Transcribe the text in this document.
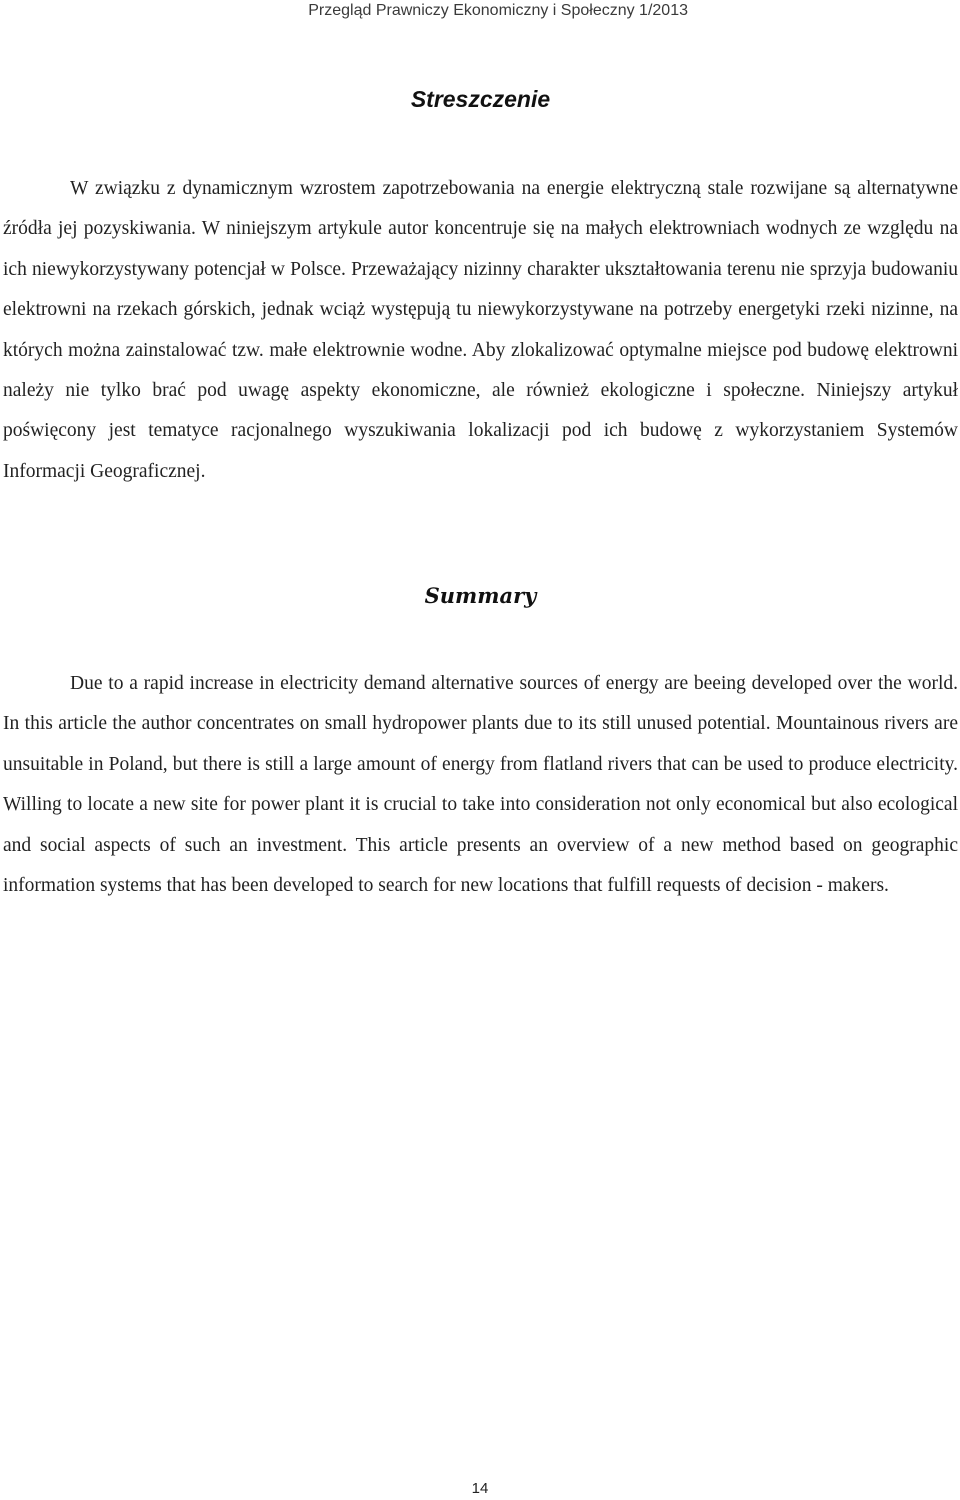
Przegląd Prawniczy Ekonomiczny i Społeczny 1/2013
Streszczenie

W związku z dynamicznym wzrostem zapotrzebowania na energie elektryczną stale rozwijane są alternatywne źródła jej pozyskiwania. W niniejszym artykule autor koncentruje się na małych elektrowniach wodnych ze względu na ich niewykorzystywany potencjał w Polsce. Przeważający nizinny charakter ukształtowania terenu nie sprzyja budowaniu elektrowni na rzekach górskich, jednak wciąż występują tu niewykorzystywane na potrzeby energetyki rzeki nizinne, na których można zainstalować tzw. małe elektrownie wodne. Aby zlokalizować optymalne miejsce pod budowę elektrowni należy nie tylko brać pod uwagę aspekty ekonomiczne, ale również ekologiczne i społeczne. Niniejszy artykuł poświęcony jest tematyce racjonalnego wyszukiwania lokalizacji pod ich budowę z wykorzystaniem Systemów Informacji Geograficznej.

Summary

Due to a rapid increase in electricity demand alternative sources of energy are beeing developed over the world. In this article the author concentrates on small hydropower plants due to its still unused potential. Mountainous rivers are unsuitable in Poland, but there is still a large amount of energy from flatland rivers that can be used to produce electricity. Willing to locate a new site for power plant it is crucial to take into consideration not only economical but also ecological and social aspects of such an investment. This article presents an overview of a new method based on geographic information systems that has been developed to search for new locations that fulfill requests of decision - makers.

14
